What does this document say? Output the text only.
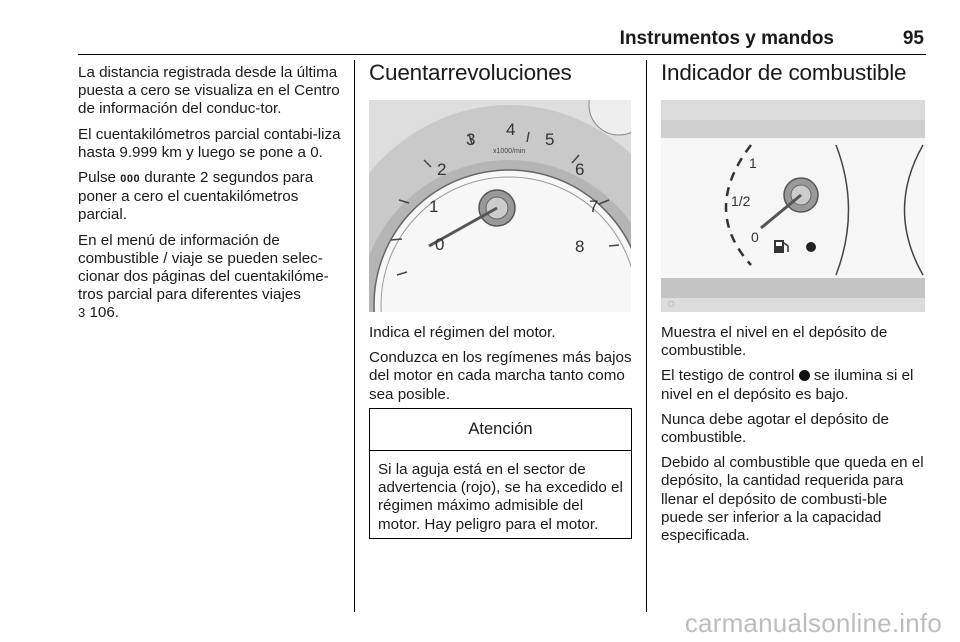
Instrumentos y mandos	95

La distancia registrada desde la última puesta a cero se visualiza en el Centro de información del conduc-tor.

El cuentakilómetros parcial contabi-liza hasta 9.999 km y luego se pone a 0.

Pulse 000 durante 2 segundos para poner a cero el cuentakilómetros parcial.

En el menú de información de combustible / viaje se pueden selec-cionar dos páginas del cuentakilóme-tros parcial para diferentes viajes
3 106.

Cuentarrevoluciones
0
1
2
3
4
5
6
7
8
x1000/min

Indica el régimen del motor.

Conduzca en los regímenes más bajos del motor en cada marcha tanto como sea posible.

Atención
Si la aguja está en el sector de advertencia (rojo), se ha excedido el régimen máximo admisible del motor. Hay peligro para el motor.
Indicador de combustible
1
1/2
0
○

Muestra el nivel en el depósito de combustible.

El testigo de control  se ilumina si el nivel en el depósito es bajo.

Nunca debe agotar el depósito de combustible.

Debido al combustible que queda en el depósito, la cantidad requerida para llenar el depósito de combusti-ble puede ser inferior a la capacidad especificada.

carmanualsonline.info
